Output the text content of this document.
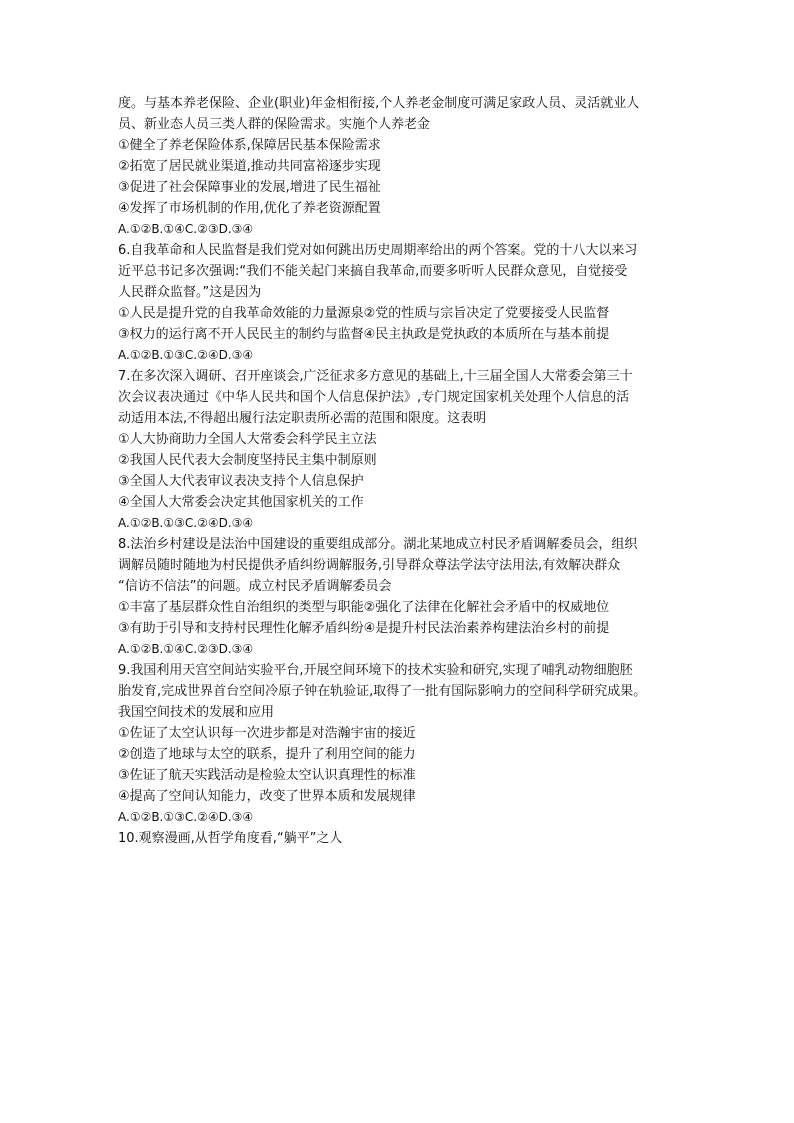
度。与基本养老保险、企业(职业)年金相衔接,个人养老金制度可满足家政人员、灵活就业人
员、新业态人员三类人群的保险需求。实施个人养老金
①健全了养老保险体系,保障居民基本保险需求
②拓宽了居民就业渠道,推动共同富裕逐步实现
③促进了社会保障事业的发展,增进了民生福祉
④发挥了市场机制的作用,优化了养老资源配置
A.①②B.①④C.②③D.③④
6.自我革命和人民监督是我们党对如何跳出历史周期率给出的两个答案。党的十八大以来习
近平总书记多次强调:“我们不能关起门来搞自我革命,而要多听听人民群众意见，自觉接受
人民群众监督。”这是因为
①人民是提升党的自我革命效能的力量源泉②党的性质与宗旨决定了党要接受人民监督
③权力的运行离不开人民民主的制约与监督④民主执政是党执政的本质所在与基本前提
A.①②B.①③C.②④D.③④
7.在多次深入调研、召开座谈会,广泛征求多方意见的基础上,十三届全国人大常委会第三十
次会议表决通过《中华人民共和国个人信息保护法》,专门规定国家机关处理个人信息的活
动适用本法,不得超出履行法定职责所必需的范围和限度。这表明
①人大协商助力全国人大常委会科学民主立法
②我国人民代表大会制度坚持民主集中制原则
③全国人大代表审议表决支持个人信息保护
④全国人大常委会决定其他国家机关的工作
A.①②B.①③C.②④D.③④
8.法治乡村建设是法治中国建设的重要组成部分。湖北某地成立村民矛盾调解委员会，组织
调解员随时随地为村民提供矛盾纠纷调解服务,引导群众尊法学法守法用法,有效解决群众
“信访不信法”的问题。成立村民矛盾调解委员会
①丰富了基层群众性自治组织的类型与职能②强化了法律在化解社会矛盾中的权威地位
③有助于引导和支持村民理性化解矛盾纠纷④是提升村民法治素养构建法治乡村的前提
A.①②B.①④C.②③D.③④
9.我国利用天宫空间站实验平台,开展空间环境下的技术实验和研究,实现了哺乳动物细胞胚
胎发育,完成世界首台空间冷原子钟在轨验证,取得了一批有国际影响力的空间科学研究成果。
我国空间技术的发展和应用
①佐证了太空认识每一次进步都是对浩瀚宇宙的接近
②创造了地球与太空的联系，提升了利用空间的能力
③佐证了航天实践活动是检验太空认识真理性的标准
④提高了空间认知能力，改变了世界本质和发展规律
A.①②B.①③C.②④D.③④
10.观察漫画,从哲学角度看,“躺平”之人
